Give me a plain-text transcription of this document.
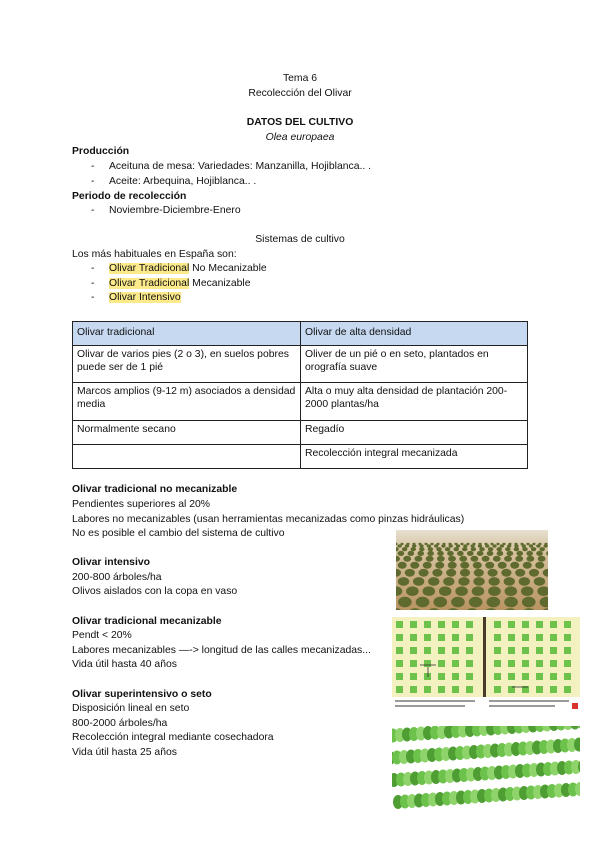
Tema 6
Recolección del Olivar
DATOS DEL CULTIVO
Olea europaea
Producción
- Aceituna de mesa: Variedades: Manzanilla, Hojiblanca.. .
- Aceite: Arbequina, Hojiblanca.. .
Periodo de recolección
- Noviembre-Diciembre-Enero
Sistemas de cultivo
Los más habituales en España son:
- Olivar Tradicional No Mecanizable
- Olivar Tradicional Mecanizable
- Olivar Intensivo
Olivar tradicional	Olivar de alta densidad
Olivar de varios pies (2 o 3), en suelos pobres puede ser de 1 pié	Oliver de un pié o en seto, plantados en orografía suave
Marcos amplios (9-12 m) asociados a densidad media	Alta o muy alta densidad de plantación 200-2000 plantas/ha
Normalmente secano	Regadío
	Recolección integral mecanizada
Olivar tradicional no mecanizable
Pendientes superiores al 20%
Labores no mecanizables (usan herramientas mecanizadas como pinzas hidráulicas)
No es posible el cambio del sistema de cultivo
Olivar intensivo
200-800 árboles/ha
Olivos aislados con la copa en vaso
Olivar tradicional mecanizable
Pendt < 20%
Labores mecanizables —-> longitud de las calles mecanizadas...
Vida útil hasta 40 años
Olivar superintensivo o seto
Disposición lineal en seto
800-2000 árboles/ha
Recolección integral mediante cosechadora
Vida útil hasta 25 años
